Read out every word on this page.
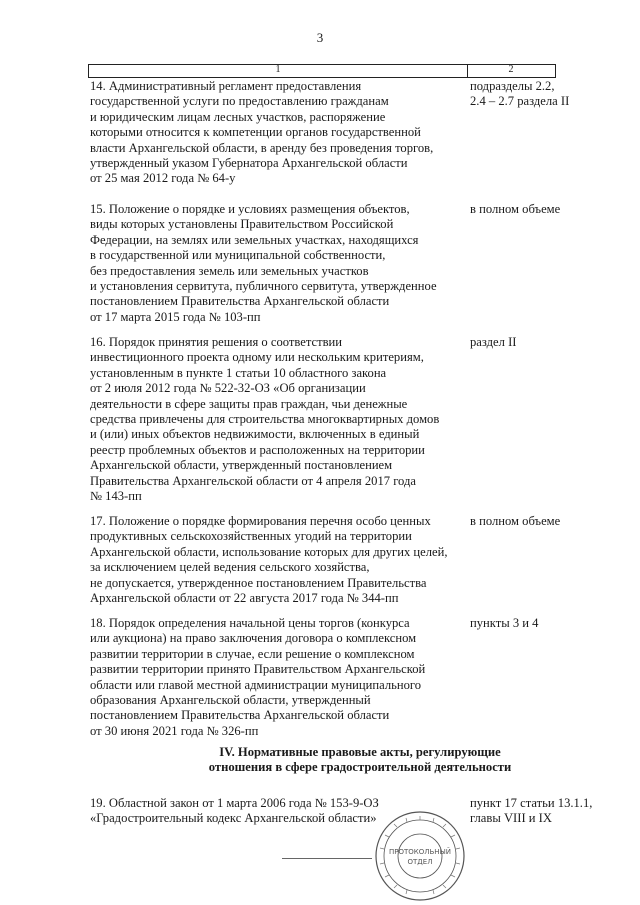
3
1	2
14. Административный регламент предоставления
государственной услуги по предоставлению гражданам
и юридическим лицам лесных участков, распоряжение
которыми относится к компетенции органов государственной
власти Архангельской области, в аренду без проведения торгов,
утвержденный указом Губернатора Архангельской области
от 25 мая 2012 года № 64-у
подразделы 2.2,
2.4 – 2.7 раздела II
15. Положение о порядке и условиях размещения объектов,
виды которых установлены Правительством Российской
Федерации, на землях или земельных участках, находящихся
в государственной или муниципальной собственности,
без предоставления земель или земельных участков
и установления сервитута, публичного сервитута, утвержденное
постановлением Правительства Архангельской области
от 17 марта 2015 года № 103-пп
в полном объеме
16. Порядок принятия решения о соответствии
инвестиционного проекта одному или нескольким критериям,
установленным в пункте 1 статьи 10 областного закона
от 2 июля 2012 года № 522-32-ОЗ «Об организации
деятельности в сфере защиты прав граждан, чьи денежные
средства привлечены для строительства многоквартирных домов
и (или) иных объектов недвижимости, включенных в единый
реестр проблемных объектов и расположенных на территории
Архангельской области, утвержденный постановлением
Правительства Архангельской области от 4 апреля 2017 года
№ 143-пп
раздел II
17. Положение о порядке формирования перечня особо ценных
продуктивных сельскохозяйственных угодий на территории
Архангельской области, использование которых для других целей,
за исключением целей ведения сельского хозяйства,
не допускается, утвержденное постановлением Правительства
Архангельской области от 22 августа 2017 года № 344-пп
в полном объеме
18. Порядок определения начальной цены торгов (конкурса
или аукциона) на право заключения договора о комплексном
развитии территории в случае, если решение о комплексном
развитии территории принято Правительством Архангельской
области или главой местной администрации муниципального
образования Архангельской области, утвержденный
постановлением Правительства Архангельской области
от 30 июня 2021 года № 326-пп
пункты 3 и 4
IV. Нормативные правовые акты, регулирующие
отношения в сфере градостроительной деятельности
19. Областной закон от 1 марта 2006 года № 153-9-ОЗ
«Градостроительный кодекс Архангельской области»
пункт 17 статьи 13.1.1,
главы VIII и IX
ПРОТОКОЛЬНЫЙ
ОТДЕЛ
